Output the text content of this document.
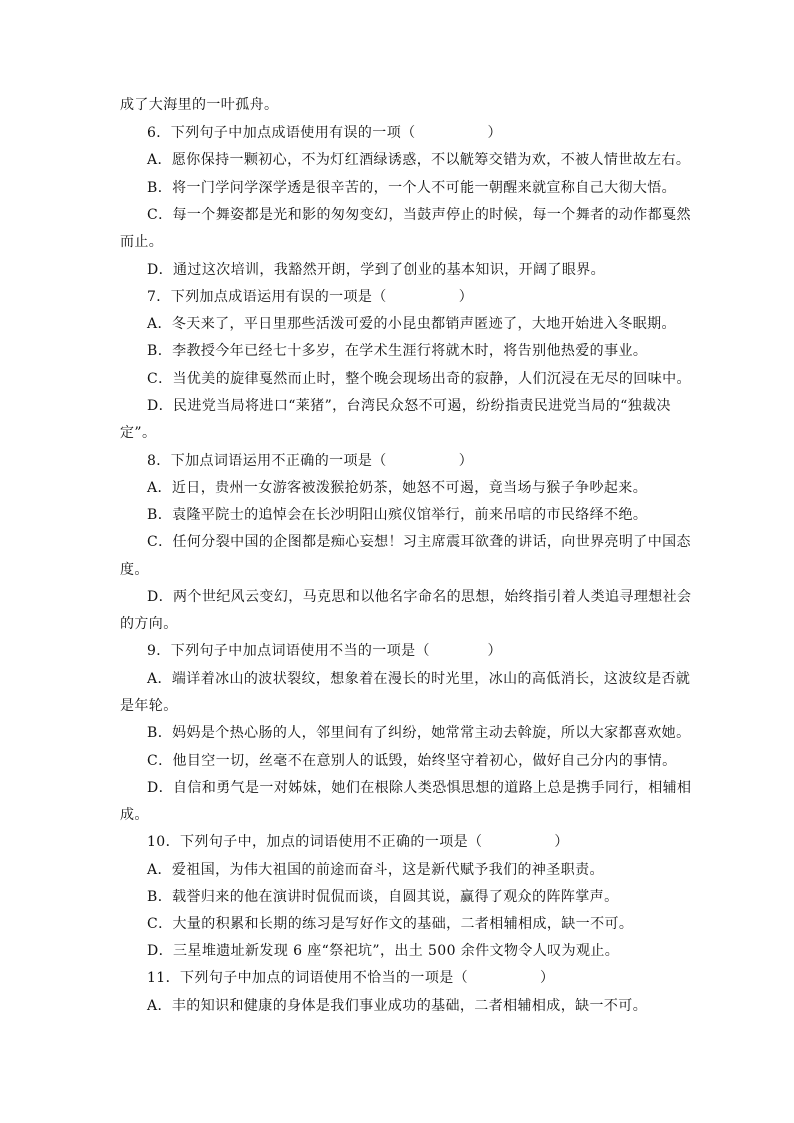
成了大海里的一叶孤舟。
6．下列句子中加点成语使用有误的一项（　　　　　）
A．愿你保持一颗初心，不为灯红酒绿诱惑，不以觥筹交错为欢，不被人情世故左右。
B．将一门学问学深学透是很辛苦的，一个人不可能一朝醒来就宣称自己大彻大悟。
C．每一个舞姿都是光和影的匆匆变幻，当鼓声停止的时候，每一个舞者的动作都戛然
而止。
D．通过这次培训，我豁然开朗，学到了创业的基本知识，开阔了眼界。
7．下列加点成语运用有误的一项是（　　　　　）
A．冬天来了，平日里那些活泼可爱的小昆虫都销声匿迹了，大地开始进入冬眠期。
B．李教授今年已经七十多岁，在学术生涯行将就木时，将告别他热爱的事业。
C．当优美的旋律戛然而止时，整个晚会现场出奇的寂静，人们沉浸在无尽的回味中。
D．民进党当局将进口“莱猪”，台湾民众怒不可遏，纷纷指责民进党当局的“独裁决
定”。
8．下加点词语运用不正确的一项是（　　　　　）
A．近日，贵州一女游客被泼猴抢奶茶，她怒不可遏，竟当场与猴子争吵起来。
B．袁隆平院士的追悼会在长沙明阳山殡仪馆举行，前来吊唁的市民络绎不绝。
C．任何分裂中国的企图都是痴心妄想！习主席震耳欲聋的讲话，向世界亮明了中国态
度。
D．两个世纪风云变幻，马克思和以他名字命名的思想，始终指引着人类追寻理想社会
的方向。
9．下列句子中加点词语使用不当的一项是（　　　　）
A．端详着冰山的波状裂纹，想象着在漫长的时光里，冰山的高低消长，这波纹是否就
是年轮。
B．妈妈是个热心肠的人，邻里间有了纠纷，她常常主动去斡旋，所以大家都喜欢她。
C．他目空一切，丝毫不在意别人的诋毁，始终坚守着初心，做好自己分内的事情。
D．自信和勇气是一对姊妹，她们在根除人类恐惧思想的道路上总是携手同行，相辅相
成。
10．下列句子中，加点的词语使用不正确的一项是（　　　　　）
A．爱祖国，为伟大祖国的前途而奋斗，这是新代赋予我们的神圣职责。
B．载誉归来的他在演讲时侃侃而谈，自圆其说，赢得了观众的阵阵掌声。
C．大量的积累和长期的练习是写好作文的基础，二者相辅相成，缺一不可。
D．三星堆遗址新发现 6 座“祭祀坑”，出土 500 余件文物令人叹为观止。
11．下列句子中加点的词语使用不恰当的一项是（　　　　　）
A．丰的知识和健康的身体是我们事业成功的基础，二者相辅相成，缺一不可。
